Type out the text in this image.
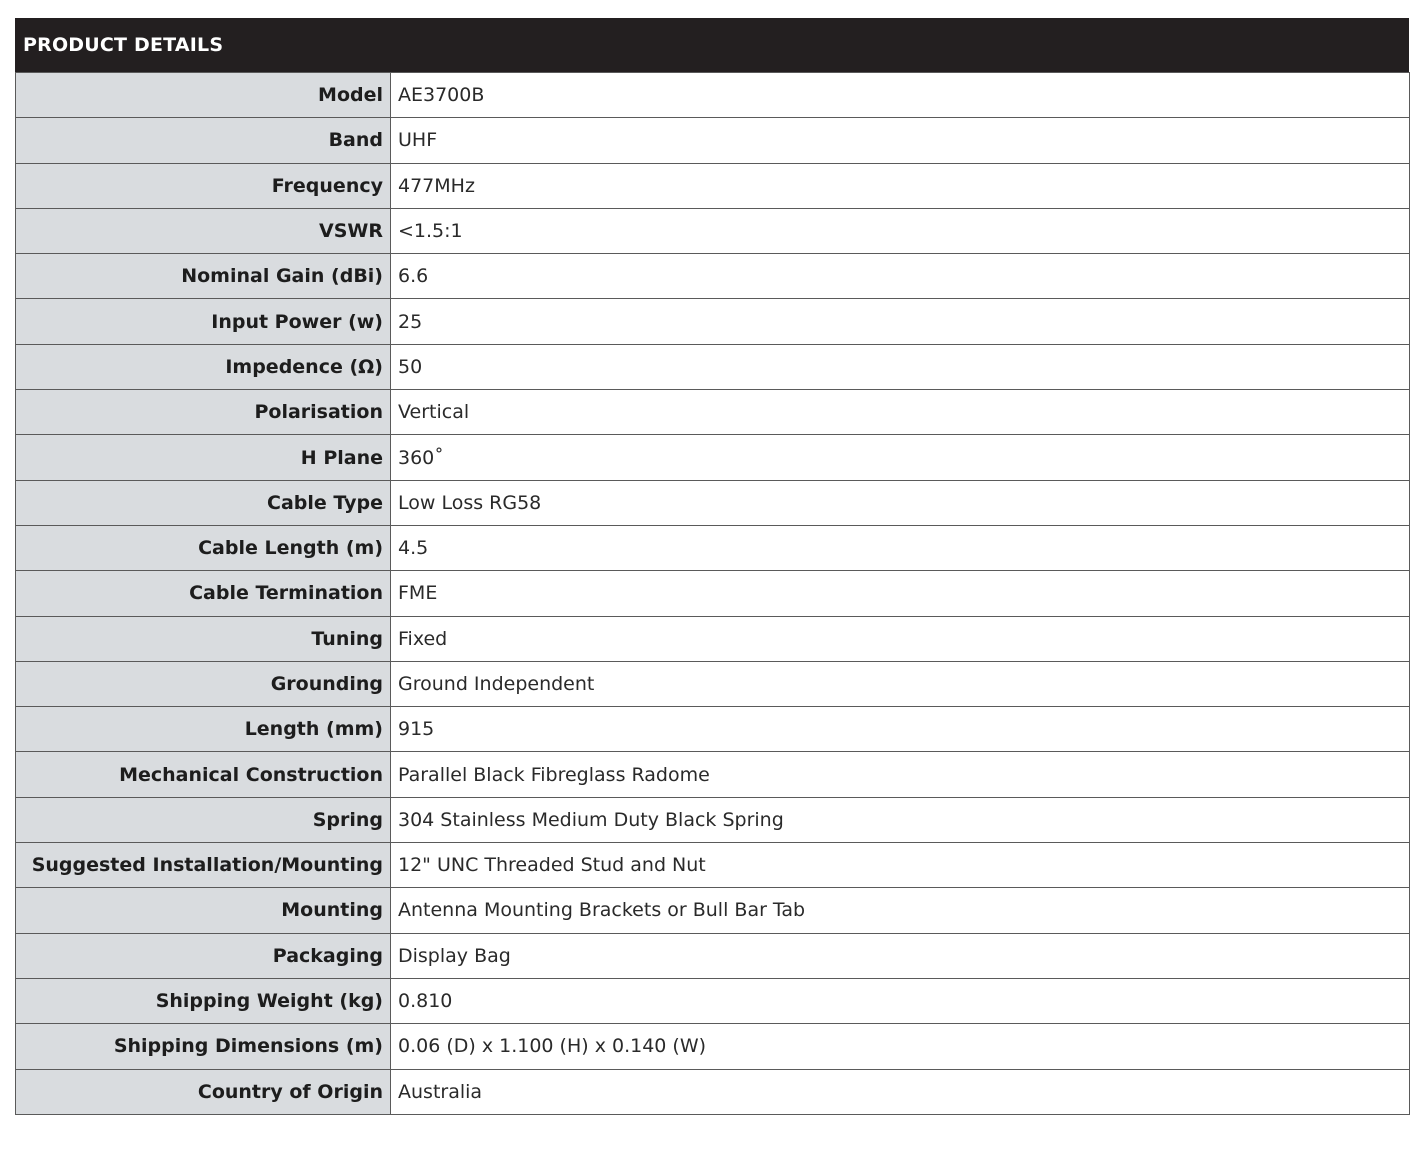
PRODUCT DETAILS
Model	AE3700B
Band	UHF
Frequency	477MHz
VSWR	<1.5:1
Nominal Gain (dBi)	6.6
Input Power (w)	25
Impedence (Ω)	50
Polarisation	Vertical
H Plane	360˚
Cable Type	Low Loss RG58
Cable Length (m)	4.5
Cable Termination	FME
Tuning	Fixed
Grounding	Ground Independent
Length (mm)	915
Mechanical Construction	Parallel Black Fibreglass Radome
Spring	304 Stainless Medium Duty Black Spring
Suggested Installation/Mounting	12" UNC Threaded Stud and Nut
Mounting	Antenna Mounting Brackets or Bull Bar Tab
Packaging	Display Bag
Shipping Weight (kg)	0.810
Shipping Dimensions (m)	0.06 (D) x 1.100 (H) x 0.140 (W)
Country of Origin	Australia
